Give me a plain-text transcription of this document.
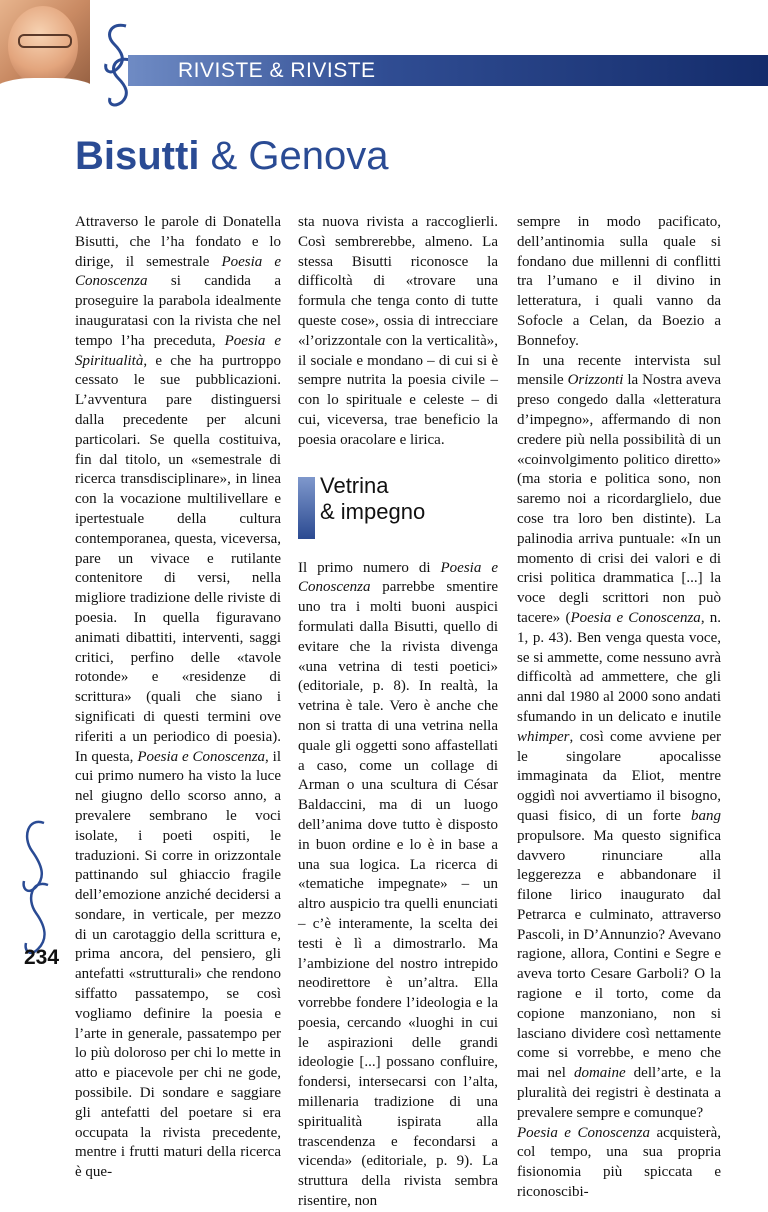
RIVISTE & RIVISTE
Bisutti & Genova

Attraverso le parole di Donatella Bisutti, che l’ha fondato e lo dirige, il semestrale Poesia e Conoscenza si candida a proseguire la parabola idealmente inauguratasi con la rivista che nel tempo l’ha preceduta, Poesia e Spiritualità, e che ha purtroppo cessato le sue pubblicazioni. L’avventura pare distinguersi dalla precedente per alcuni particolari. Se quella costituiva, fin dal titolo, un «semestrale di ricerca transdisciplinare», in linea con la vocazione multilivellare e ipertestuale della cultura contemporanea, questa, viceversa, pare un vivace e rutilante contenitore di versi, nella migliore tradizione delle riviste di poesia. In quella figuravano animati dibattiti, interventi, saggi critici, perfino delle «tavole rotonde» e «residenze di scrittura» (quali che siano i significati di questi termini ove riferiti a un periodico di poesia). In questa, Poesia e Conoscenza, il cui primo numero ha visto la luce nel giugno dello scorso anno, a prevalere sembrano le voci isolate, i poeti ospiti, le traduzioni. Si corre in orizzontale pattinando sul ghiaccio fragile dell’emozione anziché decidersi a sondare, in verticale, per mezzo di un carotaggio della scrittura e, prima ancora, del pensiero, gli antefatti «strutturali» che rendono siffatto passatempo, se così vogliamo definire la poesia e l’arte in generale, passatempo per lo più doloroso per chi lo mette in atto e piacevole per chi ne gode, possibile. Di sondare e saggiare gli antefatti del poetare si era occupata la rivista precedente, mentre i frutti maturi della ricerca è que-

sta nuova rivista a raccoglierli. Così sembrerebbe, almeno. La stessa Bisutti riconosce la difficoltà di «trovare una formula che tenga conto di tutte queste cose», ossia di intrecciare «l’orizzontale con la verticalità», il sociale e mondano – di cui si è sempre nutrita la poesia civile – con lo spirituale e celeste – di cui, viceversa, trae beneficio la poesia oracolare e lirica.

Vetrina
& impegno

Il primo numero di Poesia e Conoscenza parrebbe smentire uno tra i molti buoni auspici formulati dalla Bisutti, quello di evitare che la rivista divenga «una vetrina di testi poetici» (editoriale, p. 8). In realtà, la vetrina è tale. Vero è anche che non si tratta di una vetrina nella quale gli oggetti sono affastellati a caso, come un collage di Arman o una scultura di César Baldaccini, ma di un luogo dell’anima dove tutto è disposto in buon ordine e lo è in base a una sua logica. La ricerca di «tematiche impegnate» – un altro auspicio tra quelli enunciati – c’è interamente, la scelta dei testi è lì a dimostrarlo. Ma l’ambizione del nostro intrepido neodirettore è un’altra. Ella vorrebbe fondere l’ideologia e la poesia, cercando «luoghi in cui le aspirazioni delle grandi ideologie [...] possano confluire, fondersi, intersecarsi con l’alta, millenaria tradizione di una spiritualità ispirata alla trascendenza e fecondarsi a vicenda» (editoriale, p. 9). La struttura della rivista sembra risentire, non

sempre in modo pacificato, dell’antinomia sulla quale si fondano due millenni di conflitti tra l’umano e il divino in letteratura, i quali vanno da Sofocle a Celan, da Boezio a Bonnefoy.

In una recente intervista sul mensile Orizzonti la Nostra aveva preso congedo dalla «letteratura d’impegno», affermando di non credere più nella possibilità di un «coinvolgimento politico diretto» (ma storia e politica sono, non saremo noi a ricordarglielo, due cose tra loro ben distinte). La palinodia arriva puntuale: «In un momento di crisi dei valori e di crisi politica drammatica [...] la voce degli scrittori non può tacere» (Poesia e Conoscenza, n. 1, p. 43). Ben venga questa voce, se si ammette, come nessuno avrà difficoltà ad ammettere, che gli anni dal 1980 al 2000 sono andati sfumando in un delicato e inutile whimper, così come avviene per le singolare apocalisse immaginata da Eliot, mentre oggidì noi avvertiamo il bisogno, quasi fisico, di un forte bang propulsore. Ma questo significa davvero rinunciare alla leggerezza e abbandonare il filone lirico inaugurato dal Petrarca e culminato, attraverso Pascoli, in D’Annunzio? Avevano ragione, allora, Contini e Segre e aveva torto Cesare Garboli? O la ragione e il torto, come da copione manzoniano, non si lasciano dividere così nettamente come si vorrebbe, e meno che mai nel domaine dell’arte, e la pluralità dei registri è destinata a prevalere sempre e comunque?

Poesia e Conoscenza acquisterà, col tempo, una sua propria fisionomia più spiccata e riconoscibi-

234
